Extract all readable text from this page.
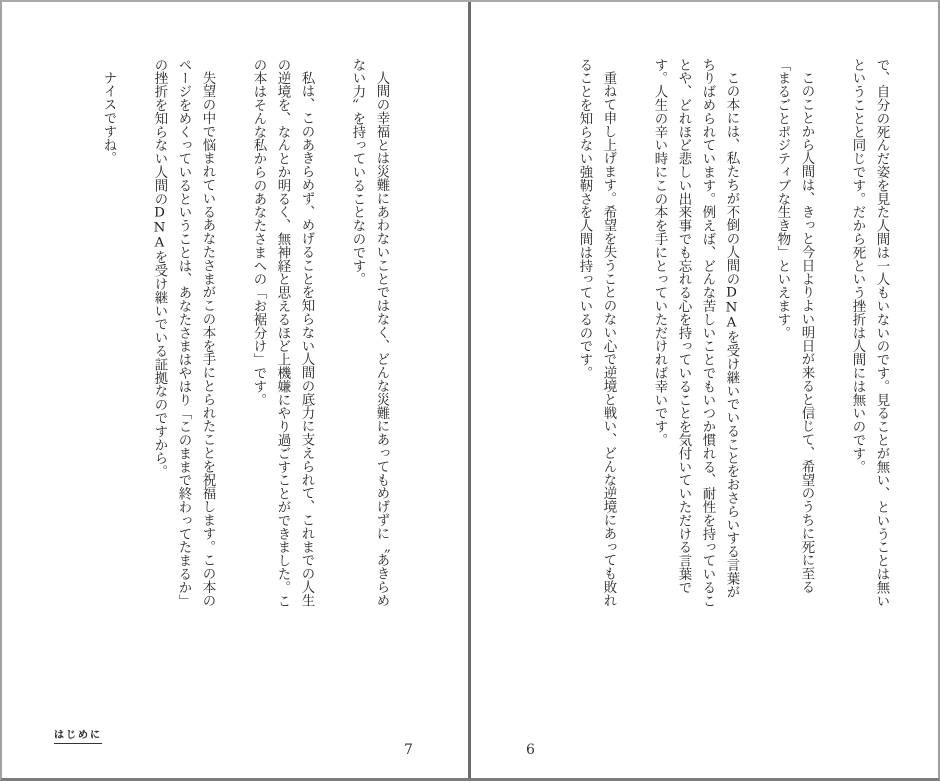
で、自分の死んだ姿を見た人間は一人もいないのです。見ることが無い、ということは無いということと同じです。だから死という挫折は人間には無いのです。

このことから人間は、きっと今日よりよい明日が来ると信じて、希望のうちに死に至る「まるごとポジティブな生き物」といえます。

この本には、私たちが不倒の人間のDNAを受け継いでいることをおさらいする言葉がちりばめられています。例えば、どんな苦しいことでもいつか慣れる、耐性を持っていることや、どれほど悲しい出来事でも忘れる心を持っていることを気付いていただける言葉です。人生の辛い時にこの本を手にとっていただければ幸いです。

重ねて申し上げます。希望を失うことのない心で逆境と戦い、どんな逆境にあっても敗れることを知らない強靭さを人間は持っているのです。

人間の幸福とは災難にあわないことではなく、どんな災難にあってもめげずに〝あきらめない力〟を持っていることなのです。

私は、このあきらめず、めげることを知らない人間の底力に支えられて、これまでの人生の逆境を、なんとか明るく、無神経と思えるほど上機嫌にやり過ごすことができました。この本はそんな私からのあなたさまへの「お裾分け」です。

失望の中で悩まれているあなたさまがこの本を手にとられたことを祝福します。この本のページをめくっているということは、あなたさまはやはり「このままで終わってたまるか」の挫折を知らない人間のDNAを受け継いでいる証拠なのですから。

ナイスですね。

はじめに
7	6
